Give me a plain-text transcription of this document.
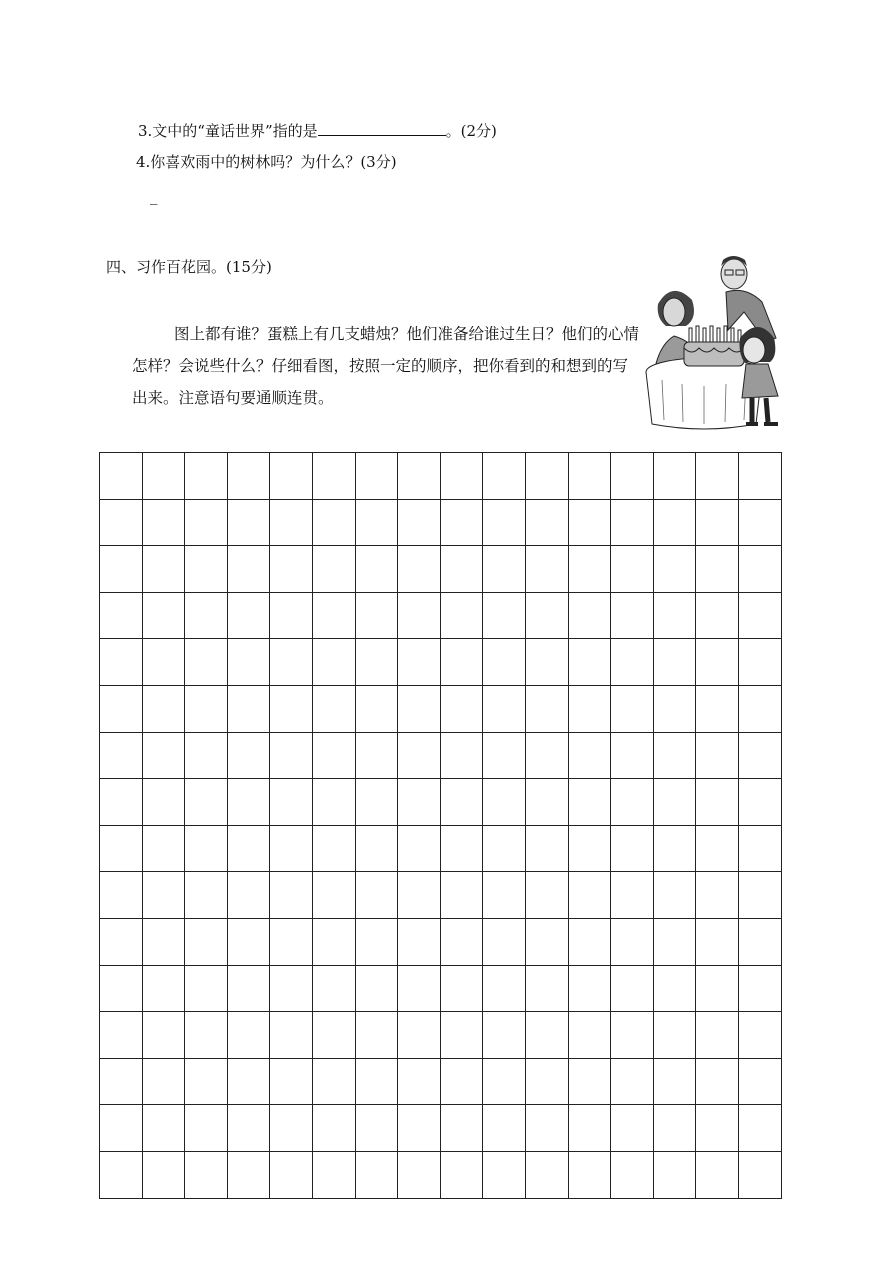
3.文中的“童话世界”指的是	。(2分)
4.你喜欢雨中的树林吗？为什么？(3分)
_
四、习作百花园。(15分)
图上都有谁？蛋糕上有几支蜡烛？他们准备给谁过生日？他们的心情怎样？会说些什么？仔细看图，按照一定的顺序，把你看到的和想到的写出来。注意语句要通顺连贯。
